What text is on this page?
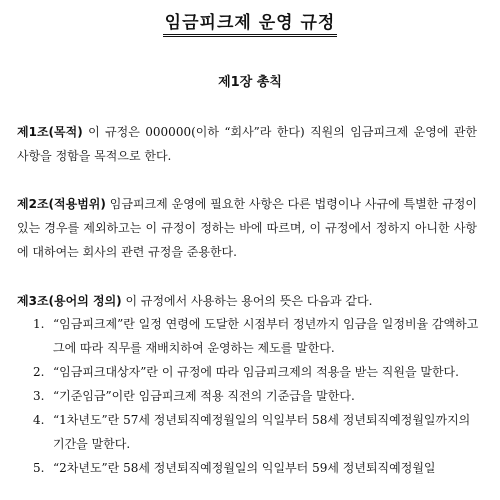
임금피크제 운영 규정
제1장 총칙
제1조(목적) 이 규정은 000000(이하 “회사”라 한다) 직원의 임금피크제 운영에 관한 사항을 정함을 목적으로 한다.
제2조(적용범위) 임금피크제 운영에 필요한 사항은 다른 법령이나 사규에 특별한 규정이 있는 경우를 제외하고는 이 규정이 정하는 바에 따르며, 이 규정에서 정하지 아니한 사항에 대하여는 회사의 관련 규정을 준용한다.
제3조(용어의 정의) 이 규정에서 사용하는 용어의 뜻은 다음과 같다.
1. “임금피크제”란 일정 연령에 도달한 시점부터 정년까지 임금을 일정비율 감액하고 그에 따라 직무를 재배치하여 운영하는 제도를 말한다.
2. “임금피크대상자”란 이 규정에 따라 임금피크제의 적용을 받는 직원을 말한다.
3. “기준임금”이란 임금피크제 적용 직전의 기준급을 말한다.
4. “1차년도”란 57세 정년퇴직예정월일의 익일부터 58세 정년퇴직예정월일까지의 기간을 말한다.
5. “2차년도”란 58세 정년퇴직예정월일의 익일부터 59세 정년퇴직예정월일
